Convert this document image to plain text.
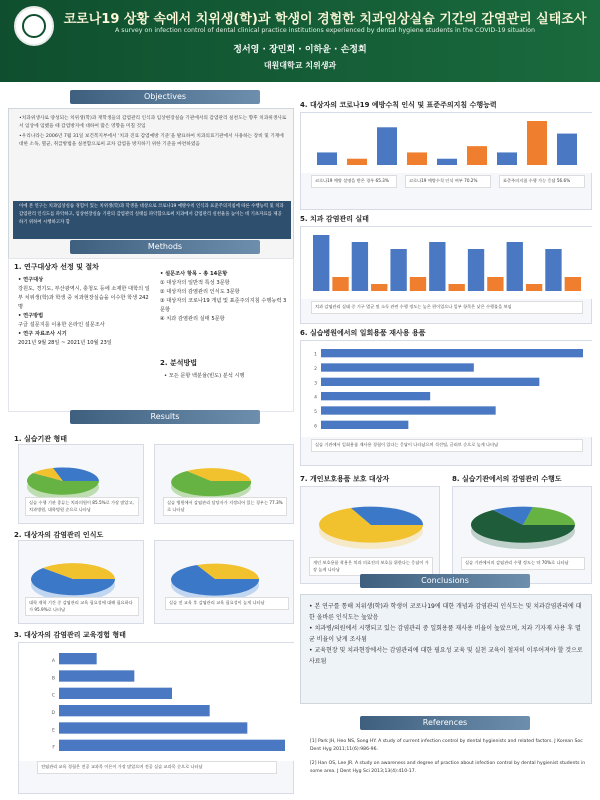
코로나19 상황 속에서 치위생(학)과 학생이 경험한 치과임상실습 기간의 감염관리 실태조사
A survey on infection control of dental clinical practice institutions experienced by dental hygiene students in the COVID-19 situation
정서영 · 장민희 · 이하윤 · 손정희
대원대학교 치위생과
Objectives
•치과위생사로 양성되는 치위생(학)과 재학생들의 감염관리 인식과 임상현장실습 기관에서의 감염관리 실천도는 향후 치과위생사로서 임상에 임했을 때 감염방지에 대하여 많은 영향을 미칠 것임
•우리나라는 2006년 7월 31일 보건복지부에서 ‘치과 진료 감염예방 기준’을 발표하여 치과의료기관에서 사용하는 장비 및 기재에 대한 소독, 멸균, 취급방법을 실천함으로써 교차 감염을 방지하기 위한 기준을 마련하였음
이에 본 연구는 치과임상실습 경험이 있는 치위생(학)과 학생을 대상으로 코로나19 예방수칙 인식과 표준주의지침에 따른 수행능력 및 치과감염관리 인식도를 파악하고, 임상현장실습 기관의 감염관리 실태를 파악함으로써 치과에서 감염관리 실천율을 높이는 데 기초자료를 제공하기 위하여 시행하고자 함
Methods
1. 연구대상자 선정 및 절차
• 연구대상
강원도, 경기도, 부산광역시, 충청도 등에 소재한 대학의 일부 치위생(학)과 학생 중 치과현장실습을 이수한 학생 242명
• 연구방법
구글 설문지를 이용한 온라인 설문조사
• 연구 자료조사 시기
2021년 9월 28일 ~ 2021년 10월 23일
• 설문조사 항목 – 총 14문항
① 대상자의 일반적 특성 3문항
② 대상자의 감염관리 인식도 3문항
③ 대상자의 코로나19 개념 및 표준주의지침 수행능력 3문항
④ 치과 감염관리 실태 5문항
2. 분석방법
• 모든 문항 백분율(빈도) 분석 시행
Results
1. 실습기관 형태
실습 수행 기관 종류는 치과의원이 85.5%로 가장 많았고, 치과병원, 대학병원 순으로 나타남
실습 병원에서 감염관리 담당자가 지정되어 있는 경우는 77.3%로 나타남
2. 대상자의 감염관리 인식도
대학 재학 기간 중 감염관리 교육 필요성에 대해 필요하다가 95.9%로 나타남
실습 전 교육 후 감염관리 교육 필요성이 높게 나타남
3. 대상자의 감염관리 교육경험 형태
A
B
C
D
E
F
전염관리 교육 경험은 전공 교과목 이론이 가장 많았으며 전공 실습 교과목 순으로 나타남
4. 대상자의 코로나19 예방수칙 인식 및 표준주의지침 수행능력
코로나19 예방 설명을 받은 경우 65.3%	코로나19 예방수칙 인식 여부 70.2%	표준주의지침 수행 가능 응답 56.6%
5. 치과 감염관리 실태
치과 감염관리 실태 중 기구 멸균 및 소독 관련 수행 정도는 높은 편이었으나 일부 항목은 낮은 수행률을 보임
6. 실습병원에서의 일회용품 재사용 용품
1
2
3
4
5
6
실습 기관에서 일회용품 재사용 경험이 있다는 응답이 나타났으며 석션팁, 글러브 순으로 높게 나타남
7. 개인보호용품 보호 대상자
개인 보호용품 착용은 치과 의료진의 보호를 위한다는 응답이 가장 높게 나타남
8. 실습기관에서의 감염관리 수행도
실습 기관에서의 감염관리 수행 정도는 약 70%로 나타남
Conclusions
• 본 연구를 통해 치위생(학)과 학생이 코로나19에 대한 개념과 감염관리 인식도는 및 치과감염관리에 대한 올바른 인식도는 높았음
• 치과병/의원에서 시행되고 있는 감염관리 중 일회용품 재사용 비율이 높았으며, 치과 기자재 사용 후 멸균 비율이 낮게 조사됨
• 교육현장 및 치과현장에서는 감염관리에 대한 필요성 교육 및 실천 교육이 철저히 이루어져야 할 것으로 사료됨
References
[1] Park JH, Heo NS, Song HY. A study of current infection control by dental hygienists and related factors. J Korean Soc Dent Hyg 2011;11(6):986-96.
[2] Han OS, Lee JR. A study on awareness and degree of practice about infection control by dental hygienist students in some area. J Dent Hyg Sci 2013;13(4):410-17.
